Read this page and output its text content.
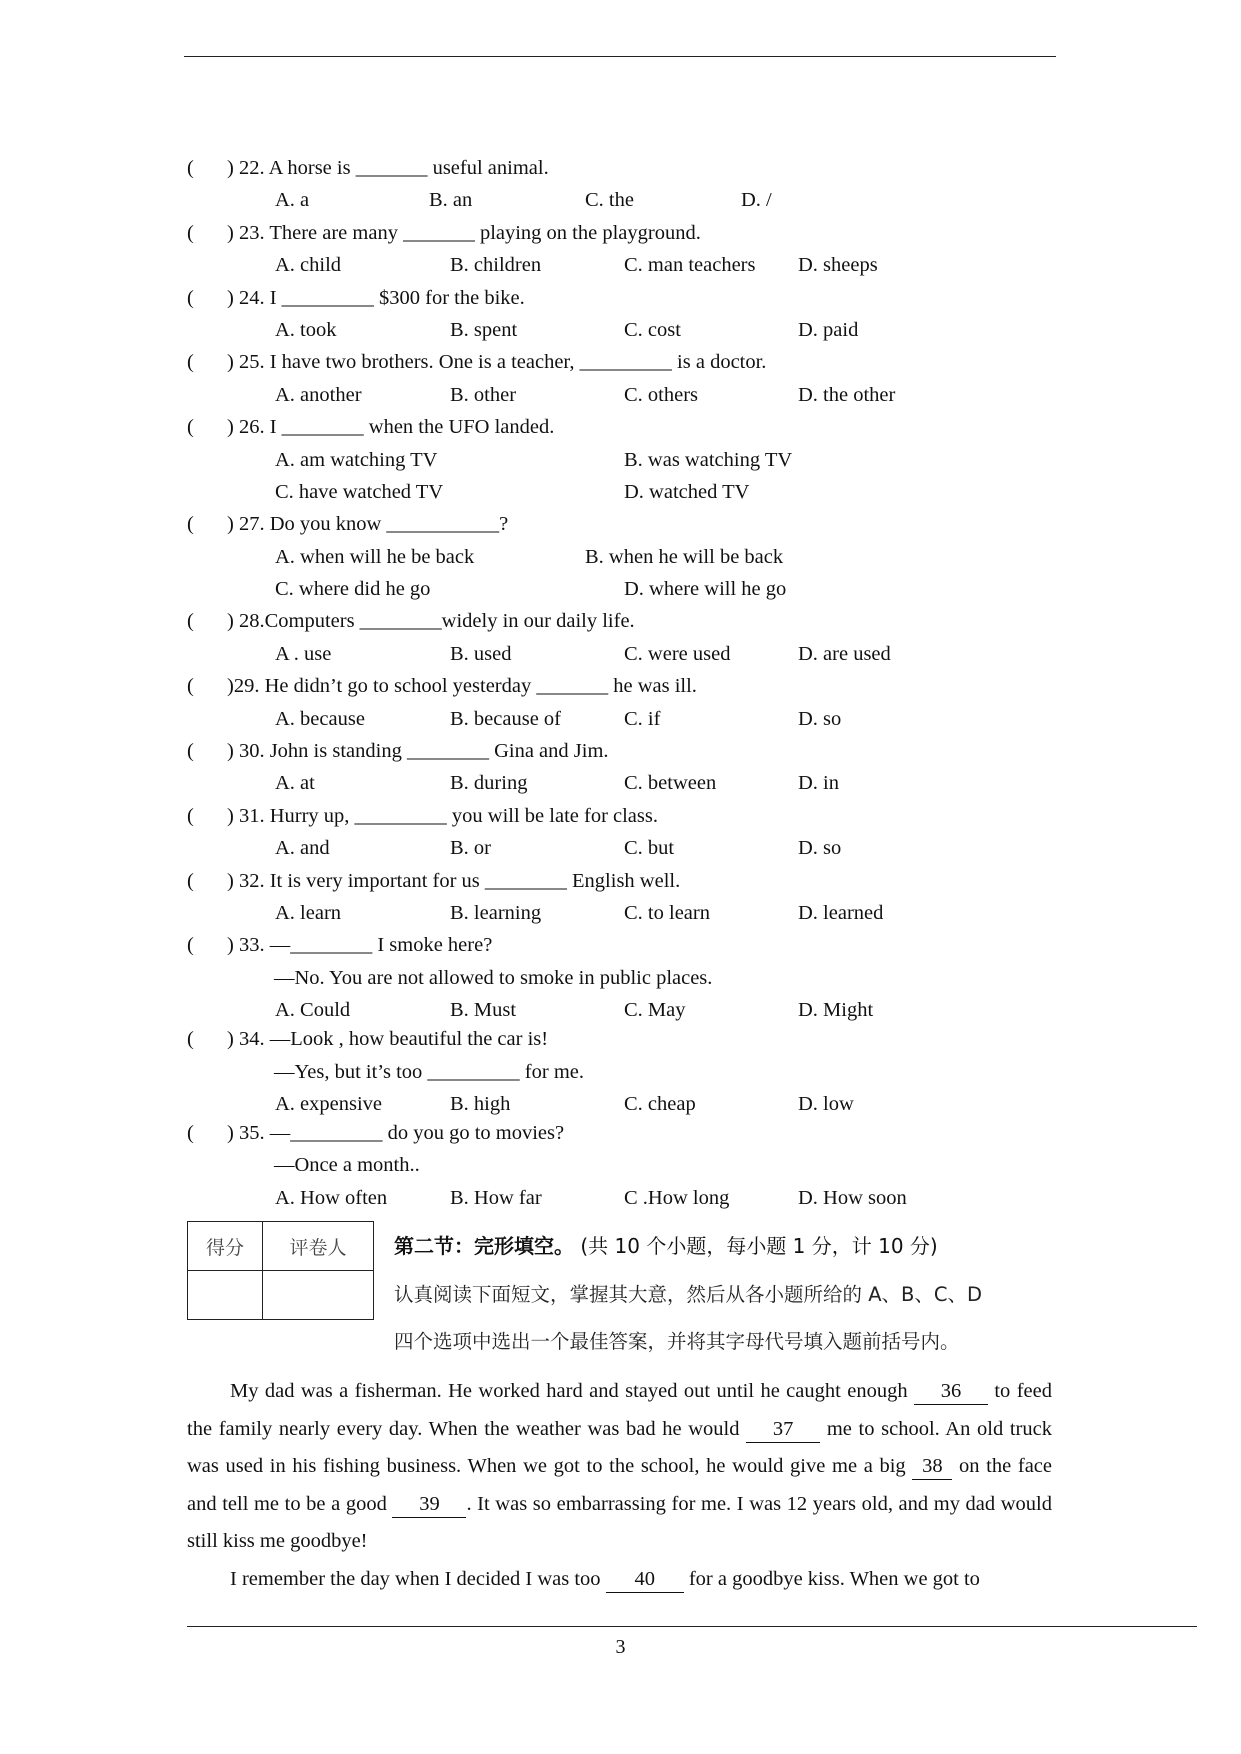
( ) 22. A horse is _______ useful animal.
A. a	B. an	C. the	D. /
( ) 23. There are many _______ playing on the playground.
A. child	B. children	C. man teachers D. sheeps
( ) 24. I _________ $300 for the bike.
A. took	B. spent	C. cost	D. paid
( ) 25. I have two brothers. One is a teacher, _________ is a doctor.
A. another	B. other	C. others	D. the other
( ) 26. I ________ when the UFO landed.
A. am watching TV	B. was watching TV
C. have watched TV	D. watched TV
( ) 27. Do you know ___________?
A. when will he be back	B. when he will be back
C. where did he go	D. where will he go
( ) 28.Computers ________widely in our daily life.
A . use	B. used	C. were used	D. are used
( )29. He didn’t go to school yesterday _______ he was ill.
A. because	B. because of	C. if	D. so
( ) 30. John is standing ________ Gina and Jim.
A. at	B. during	C. between	D. in
( ) 31. Hurry up, _________ you will be late for class.
A. and	B. or	C. but	D. so
( ) 32. It is very important for us ________ English well.
A. learn	B. learning	C. to learn	D. learned
( ) 33. —________ I smoke here?
—No. You are not allowed to smoke in public places.
A. Could	B. Must	C. May	D. Might
( ) 34. —Look , how beautiful the car is!
—Yes, but it’s too _________ for me.
A. expensive	B. high	C. cheap	D. low
( ) 35. —_________ do you go to movies?
—Once a month..
A. How often	B. How far	C .How long	D. How soon
得分	评卷人
	第二节：完形填空。 (共 10 个小题，每小题 1 分，计 10 分)
认真阅读下面短文，掌握其大意，然后从各小题所给的 A、B、C、D
四个选项中选出一个最佳答案，并将其字母代号填入题前括号内。

My dad was a fisherman. He worked hard and stayed out until he caught enough 36 to feed the family nearly every day. When the weather was bad he would 37 me to school. An old truck was used in his fishing business. When we got to the school, he would give me a big 38 on the face and tell me to be a good 39 . It was so embarrassing for me. I was 12 years old, and my dad would still kiss me goodbye!

I remember the day when I decided I was too 40 for a goodbye kiss. When we got to

3
